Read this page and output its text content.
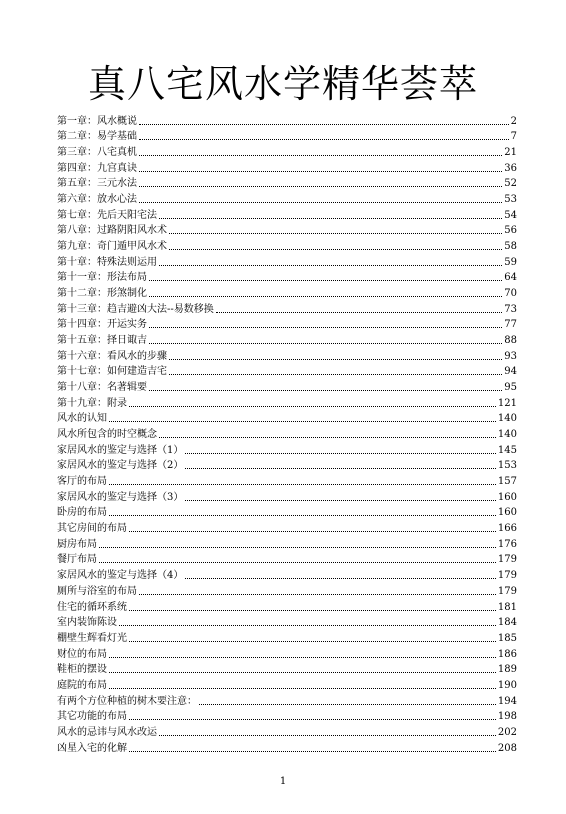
真八宅风水学精华荟萃
第一章：风水概说	2
第二章：易学基础	7
第三章：八宅真机	21
第四章：九宫真诀	36
第五章：三元水法	52
第六章：放水心法	53
第七章：先后天阳宅法	54
第八章：过路阴阳风水术	56
第九章：奇门遁甲风水术	58
第十章：特殊法则运用	59
第十一章：形法布局	64
第十二章：形煞制化	70
第十三章：趋吉避凶大法--易数移换	73
第十四章：开运实务	77
第十五章：择日诹吉	88
第十六章：看风水的步骤	93
第十七章：如何建造吉宅	94
第十八章：名著辑要	95
第十九章：附录	121
风水的认知	140
风水所包含的时空概念	140
家居风水的鉴定与选择（1）	145
家居风水的鉴定与选择（2）	153
客厅的布局	157
家居风水的鉴定与选择（3）	160
卧房的布局	160
其它房间的布局	166
厨房布局	176
餐厅布局	179
家居风水的鉴定与选择（4）	179
厕所与浴室的布局	179
住宅的循环系统	181
室内装饰陈设	184
棚壁生辉看灯光	185
财位的布局	186
鞋柜的摆设	189
庭院的布局	190
有两个方位种植的树木要注意：	194
其它功能的布局	198
风水的忌讳与风水改运	202
凶星入宅的化解	208
1
